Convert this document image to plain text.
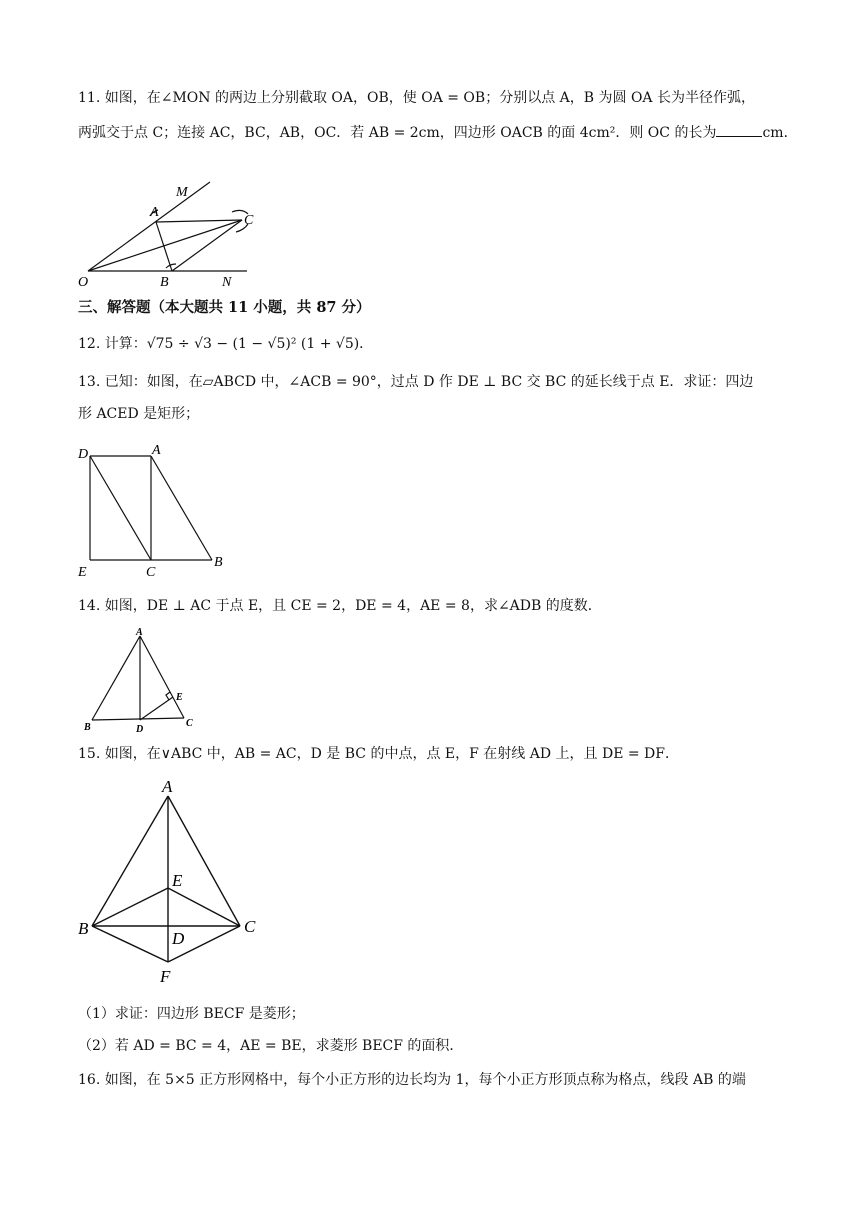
11. 如图，在∠MON 的两边上分别截取 OA，OB，使 OA = OB；分别以点 A，B 为圆 OA 长为半径作弧，
两弧交于点 C；连接 AC，BC，AB，OC．若 AB = 2cm，四边形 OACB 的面 4cm²．则 OC 的长为	cm．
M
A
C
O	B	N
三、解答题（本大题共 11 小题，共 87 分）
12. 计算：√75 ÷ √3 − (1 − √5)² (1 + √5)．
13. 已知：如图，在▱ABCD 中，∠ACB = 90°，过点 D 作 DE ⊥ BC 交 BC 的延长线于点 E．求证：四边
形 ACED 是矩形；
D	A
E	C
B
14. 如图，DE ⊥ AC 于点 E，且 CE = 2，DE = 4，AE = 8，求∠ADB 的度数．
A
B	D
C
E
15. 如图，在∨ABC 中，AB = AC，D 是 BC 的中点，点 E，F 在射线 AD 上，且 DE = DF．
A
E
B	C
D
F
（1）求证：四边形 BECF 是菱形；
（2）若 AD = BC = 4，AE = BE，求菱形 BECF 的面积．
16. 如图，在 5×5 正方形网格中，每个小正方形的边长均为 1，每个小正方形顶点称为格点，线段 AB 的端
